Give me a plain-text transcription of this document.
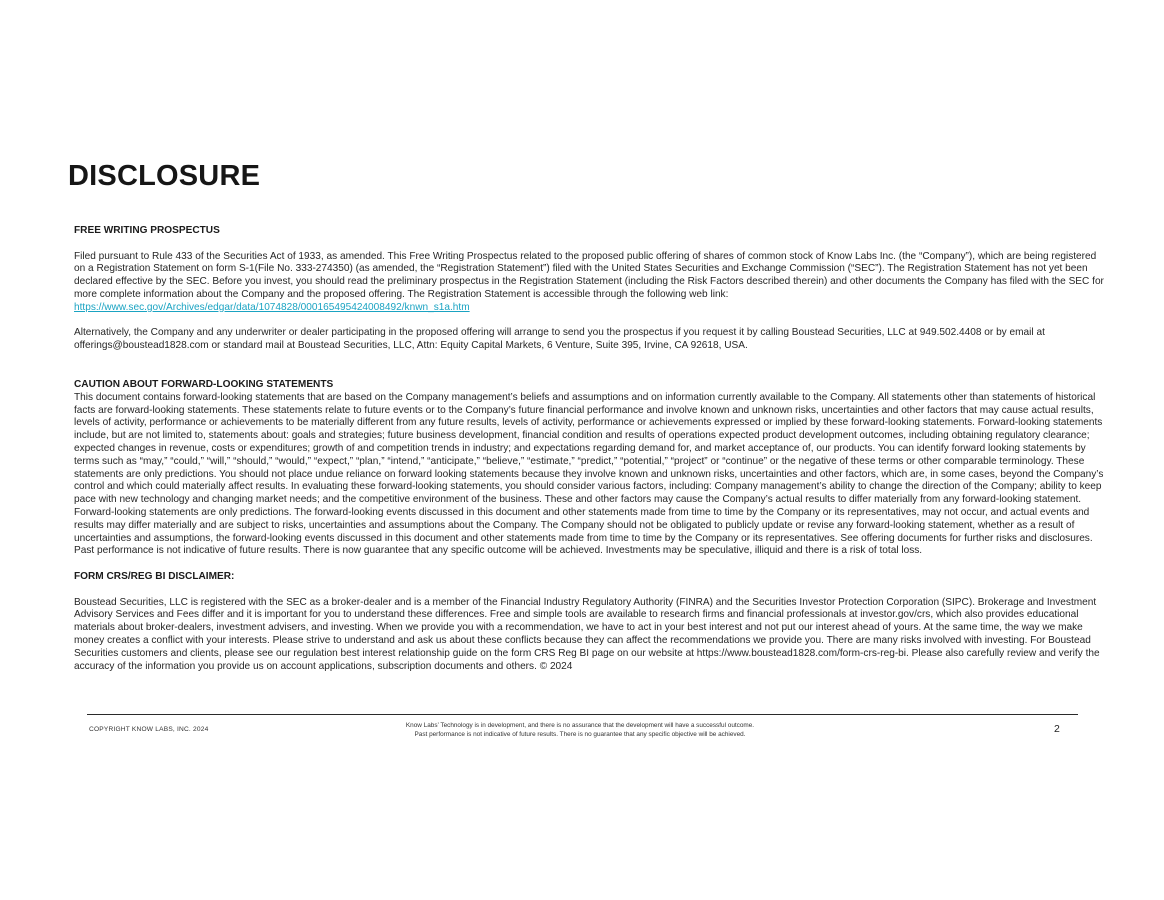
DISCLOSURE

FREE WRITING PROSPECTUS

Filed pursuant to Rule 433 of the Securities Act of 1933, as amended. This Free Writing Prospectus related to the proposed public offering of shares of common stock of Know Labs Inc. (the “Company”), which are being registered on a Registration Statement on form S-1(File No. 333-274350) (as amended, the “Registration Statement”) filed with the United States Securities and Exchange Commission (“SEC”). The Registration Statement has not yet been declared effective by the SEC. Before you invest, you should read the preliminary prospectus in the Registration Statement (including the Risk Factors described therein) and other documents the Company has filed with the SEC for more complete information about the Company and the proposed offering. The Registration Statement is accessible through the following web link:
https://www.sec.gov/Archives/edgar/data/1074828/000165495424008492/knwn_s1a.htm

Alternatively, the Company and any underwriter or dealer participating in the proposed offering will arrange to send you the prospectus if you request it by calling Boustead Securities, LLC at 949.502.4408 or by email at offerings@boustead1828.com or standard mail at Boustead Securities, LLC, Attn: Equity Capital Markets, 6 Venture, Suite 395, Irvine, CA 92618, USA.

CAUTION ABOUT FORWARD-LOOKING STATEMENTS

This document contains forward-looking statements that are based on the Company management’s beliefs and assumptions and on information currently available to the Company. All statements other than statements of historical facts are forward-looking statements. These statements relate to future events or to the Company’s future financial performance and involve known and unknown risks, uncertainties and other factors that may cause actual results, levels of activity, performance or achievements to be materially different from any future results, levels of activity, performance or achievements expressed or implied by these forward-looking statements. Forward-looking statements include, but are not limited to, statements about: goals and strategies; future business development, financial condition and results of operations expected product development outcomes, including obtaining regulatory clearance; expected changes in revenue, costs or expenditures; growth of and competition trends in industry; and expectations regarding demand for, and market acceptance of, our products. You can identify forward looking statements by terms such as “may,” “could,” “will,” “should,” “would,” “expect,” “plan,” “intend,” “anticipate,” “believe,” “estimate,” “predict,” “potential,” “project” or “continue” or the negative of these terms or other comparable terminology. These statements are only predictions. You should not place undue reliance on forward looking statements because they involve known and unknown risks, uncertainties and other factors, which are, in some cases, beyond the Company’s control and which could materially affect results. In evaluating these forward-looking statements, you should consider various factors, including: Company management’s ability to change the direction of the Company; ability to keep pace with new technology and changing market needs; and the competitive environment of the business. These and other factors may cause the Company’s actual results to differ materially from any forward-looking statement. Forward-looking statements are only predictions. The forward-looking events discussed in this document and other statements made from time to time by the Company or its representatives, may not occur, and actual events and results may differ materially and are subject to risks, uncertainties and assumptions about the Company. The Company should not be obligated to publicly update or revise any forward-looking statement, whether as a result of uncertainties and assumptions, the forward-looking events discussed in this document and other statements made from time to time by the Company or its representatives. See offering documents for further risks and disclosures. Past performance is not indicative of future results. There is now guarantee that any specific outcome will be achieved. Investments may be speculative, illiquid and there is a risk of total loss.

FORM CRS/REG BI DISCLAIMER:

Boustead Securities, LLC is registered with the SEC as a broker-dealer and is a member of the Financial Industry Regulatory Authority (FINRA) and the Securities Investor Protection Corporation (SIPC). Brokerage and Investment Advisory Services and Fees differ and it is important for you to understand these differences. Free and simple tools are available to research firms and financial professionals at investor.gov/crs, which also provides educational materials about broker-dealers, investment advisers, and investing. When we provide you with a recommendation, we have to act in your best interest and not put our interest ahead of yours. At the same time, the way we make money creates a conflict with your interests. Please strive to understand and ask us about these conflicts because they can affect the recommendations we provide you. There are many risks involved with investing. For Boustead Securities customers and clients, please see our regulation best interest relationship guide on the form CRS Reg BI page on our website at https://www.boustead1828.com/form-crs-reg-bi. Please also carefully review and verify the accuracy of the information you provide us on account applications, subscription documents and others. © 2024

COPYRIGHT KNOW LABS, INC. 2024
Know Labs’ Technology is in development, and there is no assurance that the development will have a successful outcome.
Past performance is not indicative of future results. There is no guarantee that any specific objective will be achieved.	2
